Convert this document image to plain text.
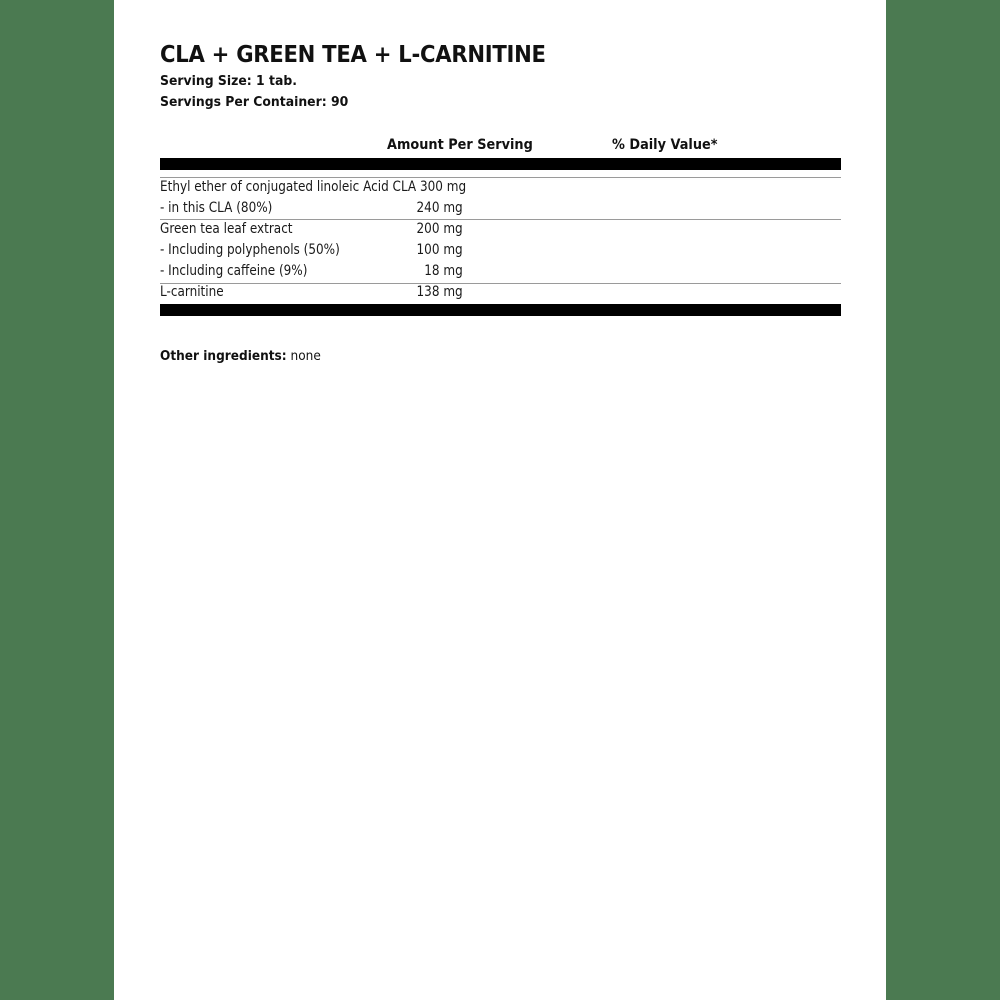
CLA + GREEN TEA + L-CARNITINE
Serving Size: 1 tab.
Servings Per Container: 90
Amount Per Serving	% Daily Value*
Ethyl ether of conjugated linoleic Acid CLA 300 mg
- in this CLA (80%)	240 mg
Green tea leaf extract	200 mg
- Including polyphenols (50%)	100 mg
- Including caffeine (9%)	18 mg
L-carnitine	138 mg
Other ingredients: none
